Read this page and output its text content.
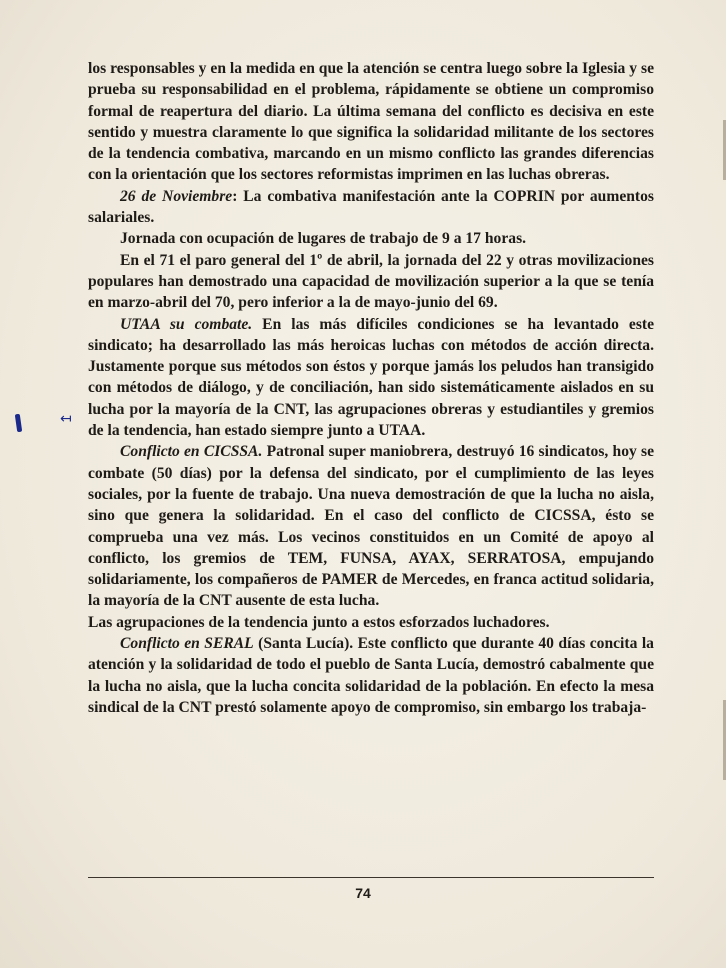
↤

los responsables y en la medida en que la atención se centra luego sobre la Iglesia y se prueba su responsabilidad en el problema, rápidamente se obtiene un compromiso formal de reapertura del diario. La última semana del conflicto es decisiva en este sentido y muestra claramente lo que significa la solidaridad militante de los sectores de la tendencia combativa, marcando en un mismo conflicto las grandes diferencias con la orientación que los sectores reformistas imprimen en las luchas obreras.

26 de Noviembre: La combativa manifestación ante la COPRIN por aumentos salariales.

Jornada con ocupación de lugares de trabajo de 9 a 17 horas.

En el 71 el paro general del 1º de abril, la jornada del 22 y otras movilizaciones populares han demostrado una capacidad de movilización superior a la que se tenía en marzo-abril del 70, pero inferior a la de mayo-junio del 69.

UTAA su combate. En las más difíciles condiciones se ha levantado este sindicato; ha desarrollado las más heroicas luchas con métodos de acción directa. Justamente porque sus métodos son éstos y porque jamás los peludos han transigido con métodos de diálogo, y de conciliación, han sido sistemáticamente aislados en su lucha por la mayoría de la CNT, las agrupaciones obreras y estudiantiles y gremios de la tendencia, han estado siempre junto a UTAA.

Conflicto en CICSSA. Patronal super maniobrera, destruyó 16 sindicatos, hoy se combate (50 días) por la defensa del sindicato, por el cumplimiento de las leyes sociales, por la fuente de trabajo. Una nueva demostración de que la lucha no aisla, sino que genera la solidaridad. En el caso del conflicto de CICSSA, ésto se comprueba una vez más. Los vecinos constituidos en un Comité de apoyo al conflicto, los gremios de TEM, FUNSA, AYAX, SERRATOSA, empujando solidariamente, los compañeros de PAMER de Mercedes, en franca actitud solidaria, la mayoría de la CNT ausente de esta lucha.

Las agrupaciones de la tendencia junto a estos esforzados luchadores.

Conflicto en SERAL (Santa Lucía). Este conflicto que durante 40 días concita la atención y la solidaridad de todo el pueblo de Santa Lucía, demostró cabalmente que la lucha no aisla, que la lucha concita solidaridad de la población. En efecto la mesa sindical de la CNT prestó solamente apoyo de compromiso, sin embargo los trabaja-

74
